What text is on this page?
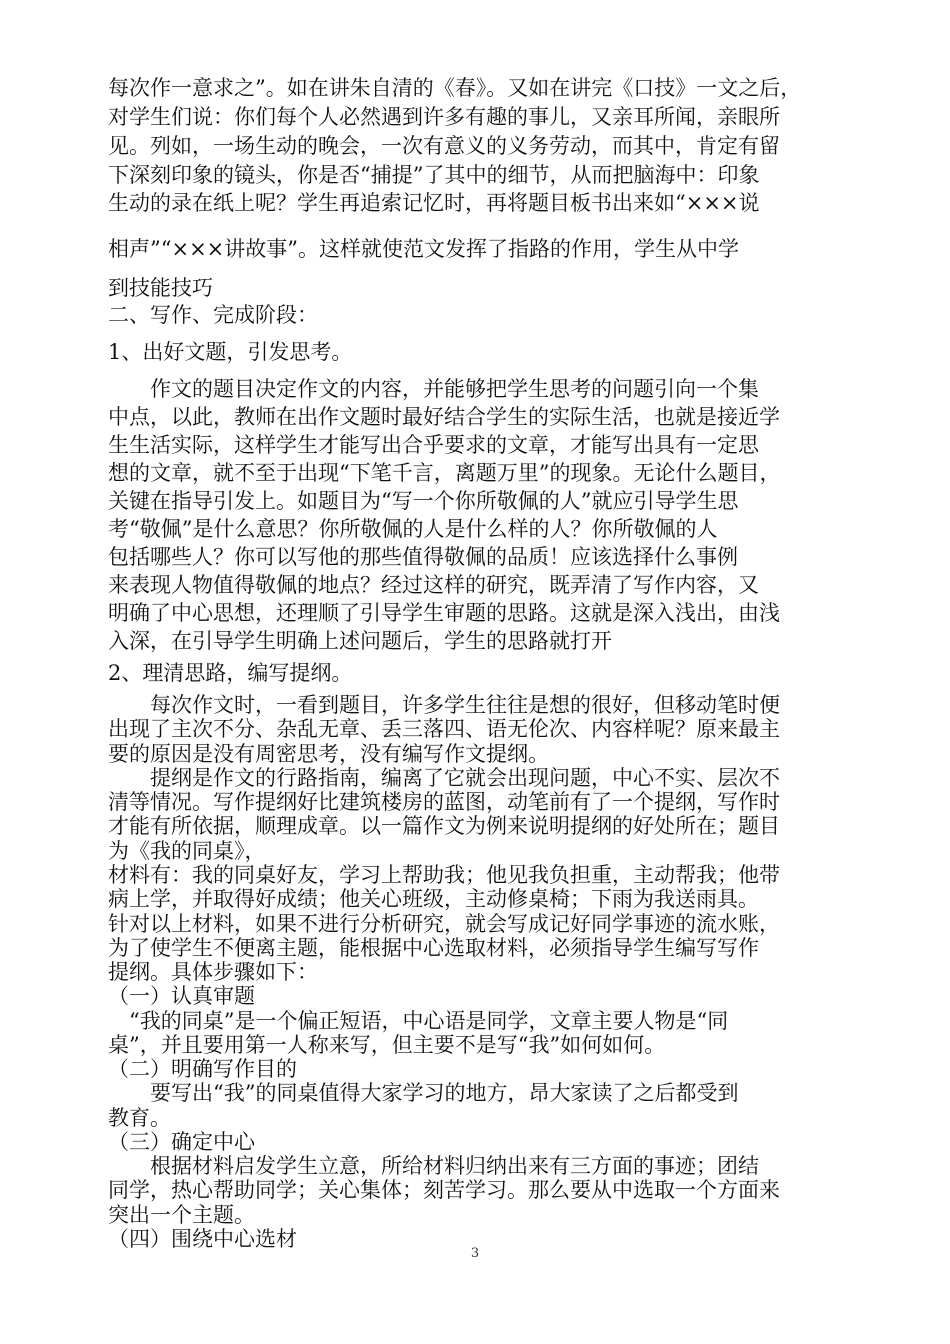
每次作一意求之”。如在讲朱自清的《春》。又如在讲完《口技》一文之后，
对学生们说：你们每个人必然遇到许多有趣的事儿，又亲耳所闻，亲眼所
见。列如，一场生动的晚会，一次有意义的义务劳动，而其中，肯定有留
下深刻印象的镜头，你是否“捕提”了其中的细节，从而把脑海中：印象
生动的录在纸上呢？学生再追索记忆时，再将题目板书出来如“×××说
相声”“×××讲故事”。这样就使范文发挥了指路的作用，学生从中学
到技能技巧
二、写作、完成阶段：
1、出好文题，引发思考。
　　作文的题目决定作文的内容，并能够把学生思考的问题引向一个集
中点，以此，教师在出作文题时最好结合学生的实际生活，也就是接近学
生生活实际，这样学生才能写出合乎要求的文章，才能写出具有一定思
想的文章，就不至于出现“下笔千言，离题万里”的现象。无论什么题目，
关键在指导引发上。如题目为“写一个你所敬佩的人”就应引导学生思
考“敬佩”是什么意思？你所敬佩的人是什么样的人？你所敬佩的人
包括哪些人？你可以写他的那些值得敬佩的品质！应该选择什么事例
来表现人物值得敬佩的地点？经过这样的研究，既弄清了写作内容，又
明确了中心思想，还理顺了引导学生审题的思路。这就是深入浅出，由浅
入深，在引导学生明确上述问题后，学生的思路就打开
2、理清思路，编写提纲。
　　每次作文时，一看到题目，许多学生往往是想的很好，但移动笔时便
出现了主次不分、杂乱无章、丢三落四、语无伦次、内容样呢？原来最主
要的原因是没有周密思考，没有编写作文提纲。
　　提纲是作文的行路指南，编离了它就会出现问题，中心不实、层次不
清等情况。写作提纲好比建筑楼房的蓝图，动笔前有了一个提纲，写作时
才能有所依据，顺理成章。以一篇作文为例来说明提纲的好处所在；题目
为《我的同桌》，
材料有：我的同桌好友，学习上帮助我；他见我负担重，主动帮我；他带
病上学，并取得好成绩；他关心班级，主动修桌椅；下雨为我送雨具。
针对以上材料，如果不进行分析研究，就会写成记好同学事迹的流水账，
为了使学生不便离主题，能根据中心选取材料，必须指导学生编写写作
提纲。具体步骤如下：
（一）认真审题
　“我的同桌”是一个偏正短语，中心语是同学，文章主要人物是“同
桌”，并且要用第一人称来写，但主要不是写“我”如何如何。
（二）明确写作目的
　　要写出“我”的同桌值得大家学习的地方，昂大家读了之后都受到
教育。
（三）确定中心
　　根据材料启发学生立意，所给材料归纳出来有三方面的事迹；团结
同学，热心帮助同学；关心集体；刻苦学习。那么要从中选取一个方面来
突出一个主题。
（四）围绕中心选材
3
